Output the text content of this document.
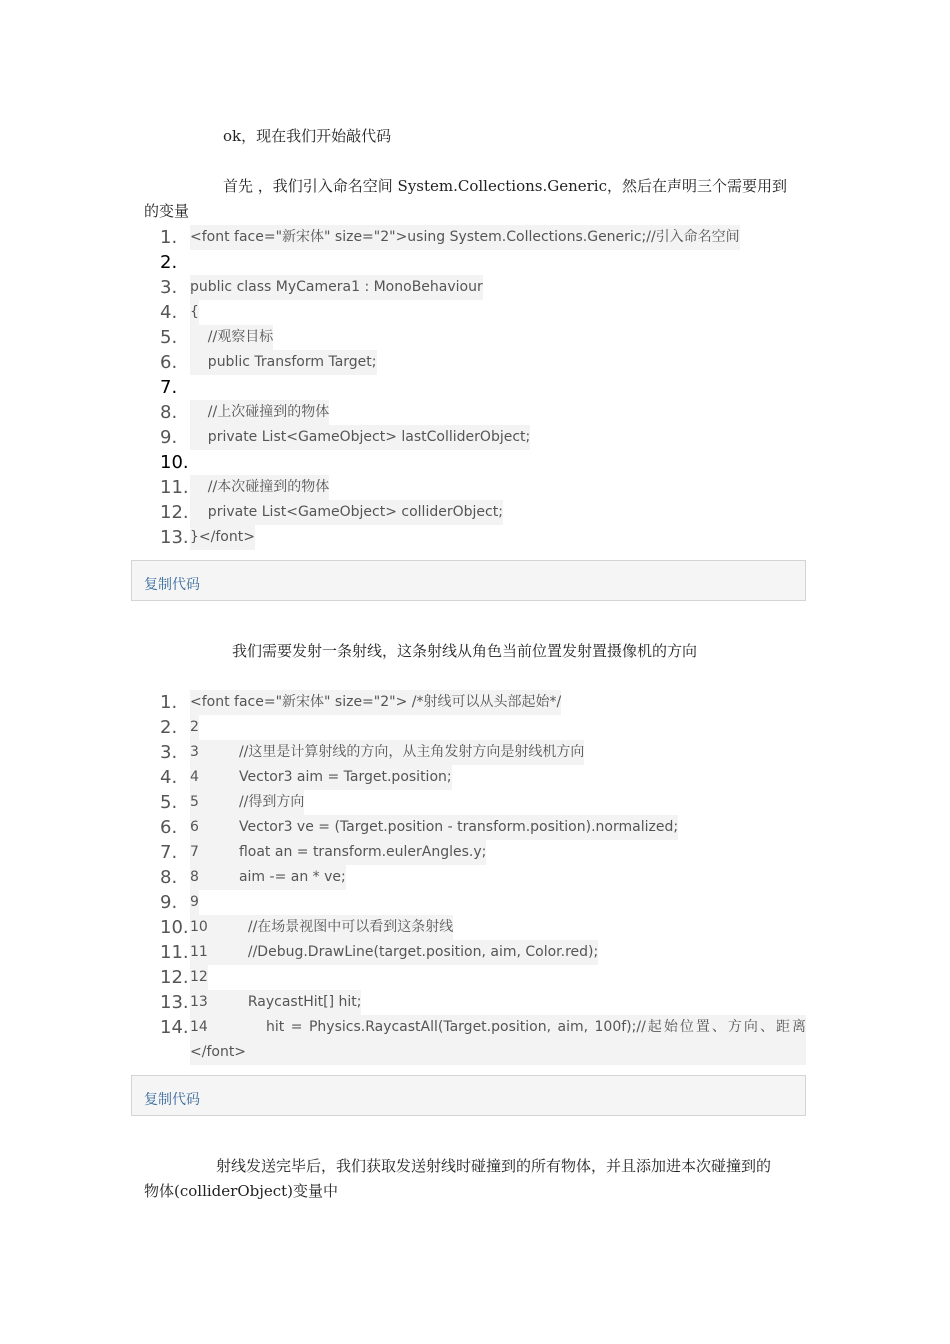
ok，现在我们开始敲代码

首先 ，我们引入命名空间 System.Collections.Generic，然后在声明三个需要用到

的变量

1. <font face="新宋体" size="2">using System.Collections.Generic;//引入命名空间
2.
3. public class MyCamera1 : MonoBehaviour
4. {
5. //观察目标
6. public Transform Target;
7.
8. //上次碰撞到的物体
9. private List<GameObject> lastColliderObject;
10.
11. //本次碰撞到的物体
12. private List<GameObject> colliderObject;
13. }</font>
复制代码

我们需要发射一条射线，这条射线从角色当前位置发射置摄像机的方向

1. <font face="新宋体" size="2"> /*射线可以从头部起始*/
2. 2
3. 3         //这里是计算射线的方向，从主角发射方向是射线机方向
4. 4         Vector3 aim = Target.position;
5. 5         //得到方向
6. 6         Vector3 ve = (Target.position - transform.position).normalized;
7. 7         float an = transform.eulerAngles.y;
8. 8         aim -= an * ve;
9. 9
10. 10         //在场景视图中可以看到这条射线
11. 11         //Debug.DrawLine(target.position, aim, Color.red);
12. 12
13. 13         RaycastHit[] hit;
14. 14         hit = Physics.RaycastAll(Target.position, aim, 100f);//起始位置、方向、距离</font>
复制代码

射线发送完毕后，我们获取发送射线时碰撞到的所有物体，并且添加进本次碰撞到的

物体(colliderObject)变量中
